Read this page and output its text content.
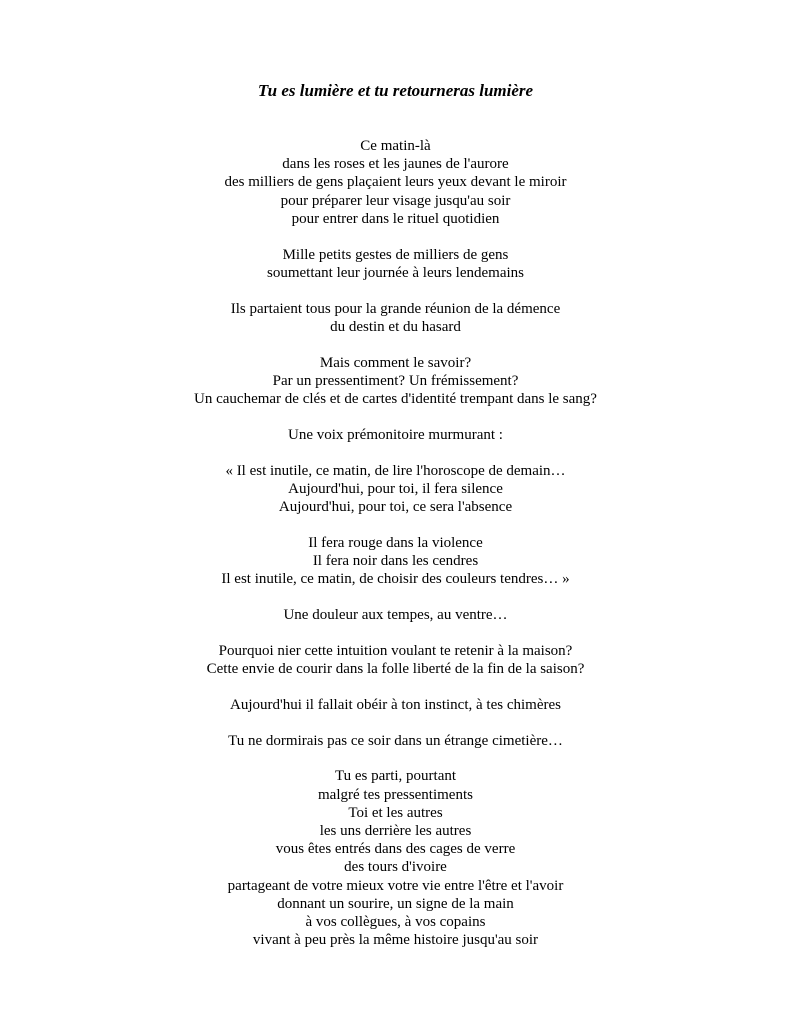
Tu es lumière et tu retourneras lumière
Ce matin-là
dans les roses et les jaunes de l'aurore
des milliers de gens plaçaient leurs yeux devant le miroir
pour préparer leur visage jusqu'au soir
pour entrer dans le rituel quotidien
Mille petits gestes de milliers de gens
soumettant leur journée à leurs lendemains
Ils partaient tous pour la grande réunion de la démence
du destin et du hasard
Mais comment le savoir?
Par un pressentiment? Un frémissement?
Un cauchemar de clés et de cartes d'identité trempant dans le sang?
Une voix prémonitoire murmurant :
« Il est inutile, ce matin, de lire l'horoscope de demain…
Aujourd'hui, pour toi, il fera silence
Aujourd'hui, pour toi, ce sera l'absence
Il fera rouge dans la violence
Il fera noir dans les cendres
Il est inutile, ce matin, de choisir des couleurs tendres… »
Une douleur aux tempes, au ventre…
Pourquoi nier cette intuition voulant te retenir à la maison?
Cette envie de courir dans la folle liberté de la fin de la saison?
Aujourd'hui il fallait obéir à ton instinct, à tes chimères
Tu ne dormirais pas ce soir dans un étrange cimetière…
Tu es parti, pourtant
malgré tes pressentiments
Toi et les autres
les uns derrière les autres
vous êtes entrés dans des cages de verre
des tours d'ivoire
partageant de votre mieux votre vie entre l'être et l'avoir
donnant un sourire, un signe de la main
à vos collègues, à vos copains
vivant à peu près la même histoire jusqu'au soir
